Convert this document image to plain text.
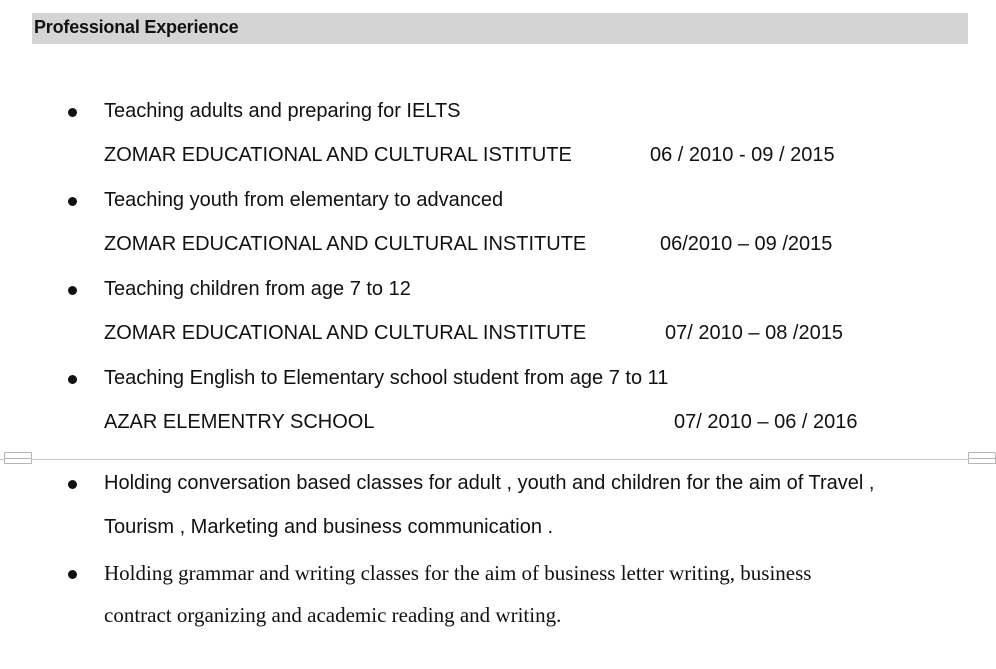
Professional Experience
Teaching adults and preparing for IELTS
ZOMAR EDUCATIONAL AND CULTURAL ISTITUTE	06 / 2010 - 09 / 2015
Teaching youth from elementary to advanced
ZOMAR EDUCATIONAL AND CULTURAL INSTITUTE	06/2010 – 09 /2015
Teaching children from age 7 to 12
ZOMAR EDUCATIONAL AND CULTURAL INSTITUTE	07/ 2010 – 08 /2015
Teaching English to Elementary school student from age 7 to 11
AZAR ELEMENTRY SCHOOL	07/ 2010 – 06 / 2016
Holding conversation based classes for adult , youth and children for the aim of Travel ,
Tourism , Marketing and business communication .
Holding grammar and writing classes for the aim of business letter writing, business
contract organizing and academic reading and writing.
